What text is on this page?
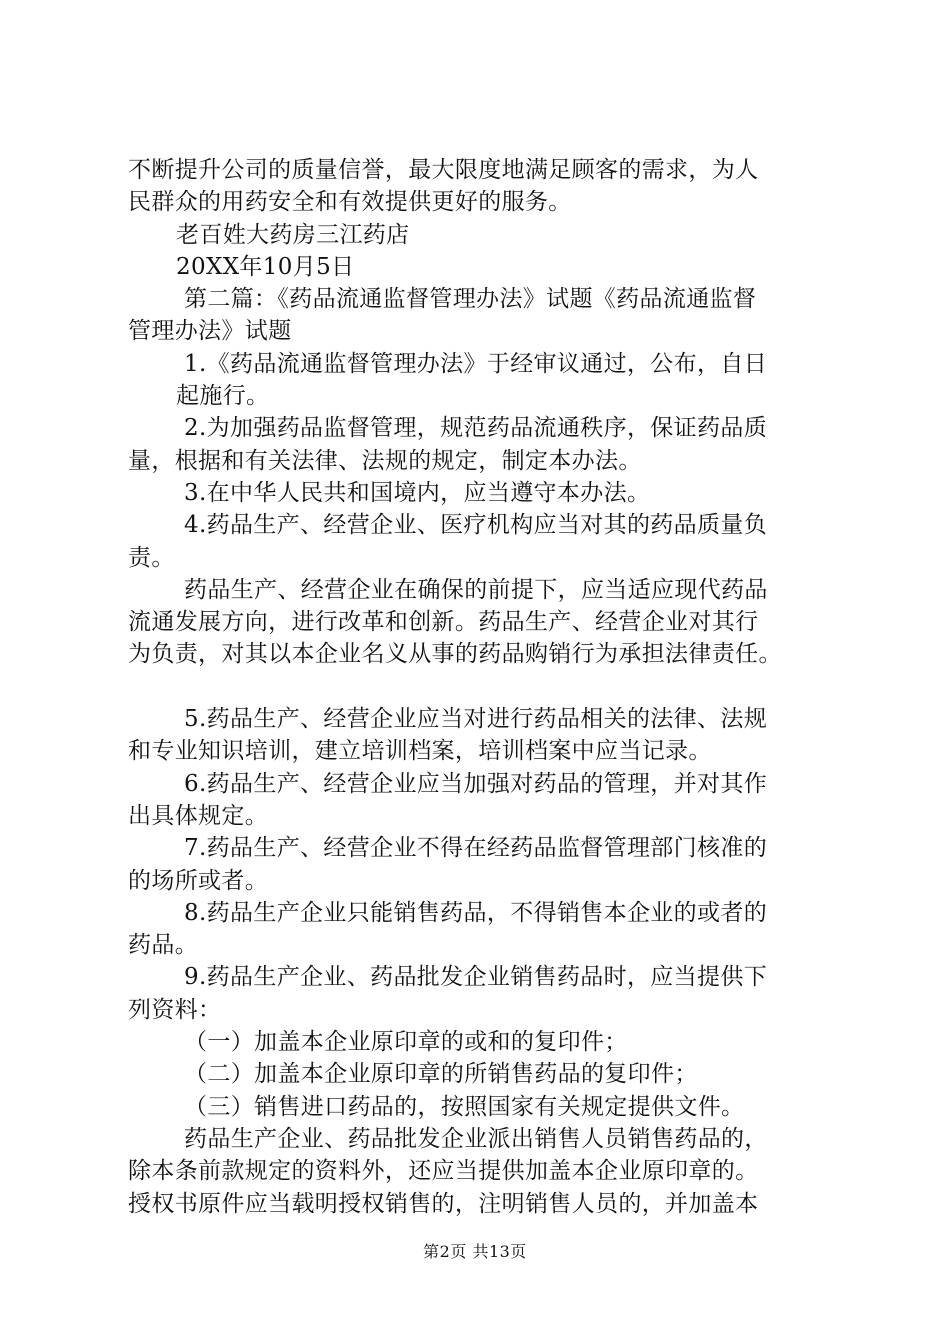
不断提升公司的质量信誉，最大限度地满足顾客的需求，为人

民群众的用药安全和有效提供更好的服务。

老百姓大药房三江药店

20XX年10月5日

第二篇：《药品流通监督管理办法》试题《药品流通监督

管理办法》试题

1.《药品流通监督管理办法》于经审议通过，公布，自日

起施行。

2.为加强药品监督管理，规范药品流通秩序，保证药品质

量，根据和有关法律、法规的规定，制定本办法。

3.在中华人民共和国境内，应当遵守本办法。

4.药品生产、经营企业、医疗机构应当对其的药品质量负

责。

药品生产、经营企业在确保的前提下，应当适应现代药品

流通发展方向，进行改革和创新。药品生产、经营企业对其行

为负责，对其以本企业名义从事的药品购销行为承担法律责任。

5.药品生产、经营企业应当对进行药品相关的法律、法规

和专业知识培训，建立培训档案，培训档案中应当记录。

6.药品生产、经营企业应当加强对药品的管理，并对其作

出具体规定。

7.药品生产、经营企业不得在经药品监督管理部门核准的

的场所或者。

8.药品生产企业只能销售药品，不得销售本企业的或者的

药品。

9.药品生产企业、药品批发企业销售药品时，应当提供下

列资料：

（一）加盖本企业原印章的或和的复印件；

（二）加盖本企业原印章的所销售药品的复印件；

（三）销售进口药品的，按照国家有关规定提供文件。

药品生产企业、药品批发企业派出销售人员销售药品的，

除本条前款规定的资料外，还应当提供加盖本企业原印章的。

授权书原件应当载明授权销售的，注明销售人员的，并加盖本

第2页 共13页
